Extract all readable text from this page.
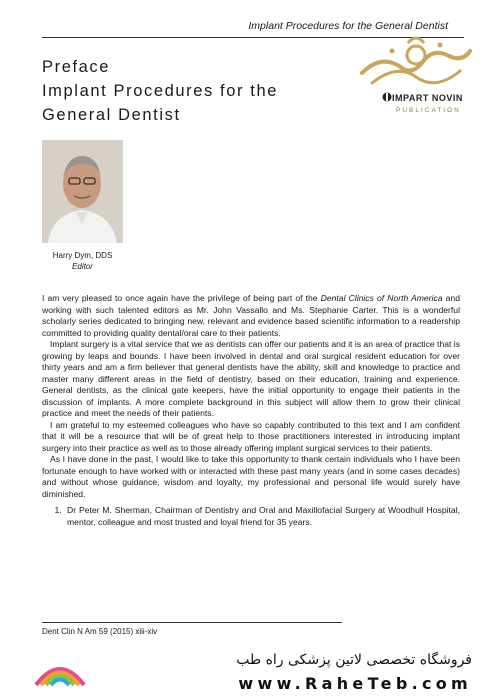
Implant Procedures for the General Dentist
Preface
Implant Procedures for the
General Dentist
IMPART NOVIN
PUBLICATION
Harry Dym, DDS
Editor

I am very pleased to once again have the privilege of being part of the Dental Clinics of North America and working with such talented editors as Mr. John Vassallo and Ms. Stephanie Carter. This is a wonderful scholarly series dedicated to bringing new, relevant and evidence based scientific information to a readership committed to providing quality dental/oral care to their patients.

Implant surgery is a vital service that we as dentists can offer our patients and it is an area of practice that is growing by leaps and bounds. I have been involved in dental and oral surgical resident education for over thirty years and am a firm believer that general dentists have the ability, skill and knowledge to practice and master many different areas in the field of dentistry, based on their education, training and experience. General dentists, as the clinical gate keepers, have the initial opportunity to engage their patients in the discussion of implants. A more complete background in this subject will allow them to grow their clinical practice and meet the needs of their patients.

I am grateful to my esteemed colleagues who have so capably contributed to this text and I am confident that it will be a resource that will be of great help to those practitioners interested in introducing implant surgery into their practice as well as to those already offering implant surgical services to their patients.

As I have done in the past, I would like to take this opportunity to thank certain individuals who I have been fortunate enough to have worked with or interacted with these past many years (and in some cases decades) and without whose guidance, wisdom and loyalty, my professional and personal life would surely have diminished.

1. Dr Peter M. Sherman, Chairman of Dentistry and Oral and Maxillofacial Surgery at Woodhull Hospital, mentor, colleague and most trusted and loyal friend for 35 years.
Dent Clin N Am 59 (2015) xiii-xiv
فروشگاه تخصصی لاتین پزشکی راه طب
www.RaheTeb.com
